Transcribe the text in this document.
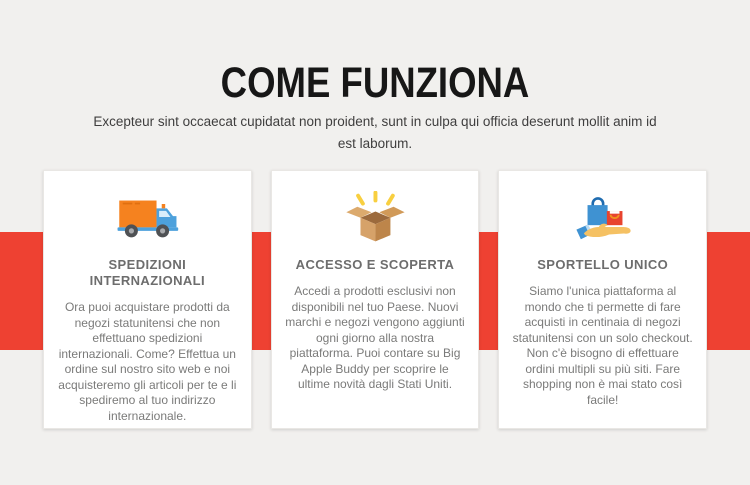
COME FUNZIONA

Excepteur sint occaecat cupidatat non proident, sunt in culpa qui officia deserunt mollit anim id est laborum.

SPEDIZIONI INTERNAZIONALI

Ora puoi acquistare prodotti da negozi statunitensi che non effettuano spedizioni internazionali. Come? Effettua un ordine sul nostro sito web e noi acquisteremo gli articoli per te e li spediremo al tuo indirizzo internazionale.

ACCESSO E SCOPERTA

Accedi a prodotti esclusivi non disponibili nel tuo Paese. Nuovi marchi e negozi vengono aggiunti ogni giorno alla nostra piattaforma. Puoi contare su Big Apple Buddy per scoprire le ultime novità dagli Stati Uniti.

SPORTELLO UNICO

Siamo l'unica piattaforma al mondo che ti permette di fare acquisti in centinaia di negozi statunitensi con un solo checkout. Non c'è bisogno di effettuare ordini multipli su più siti. Fare shopping non è mai stato così facile!
